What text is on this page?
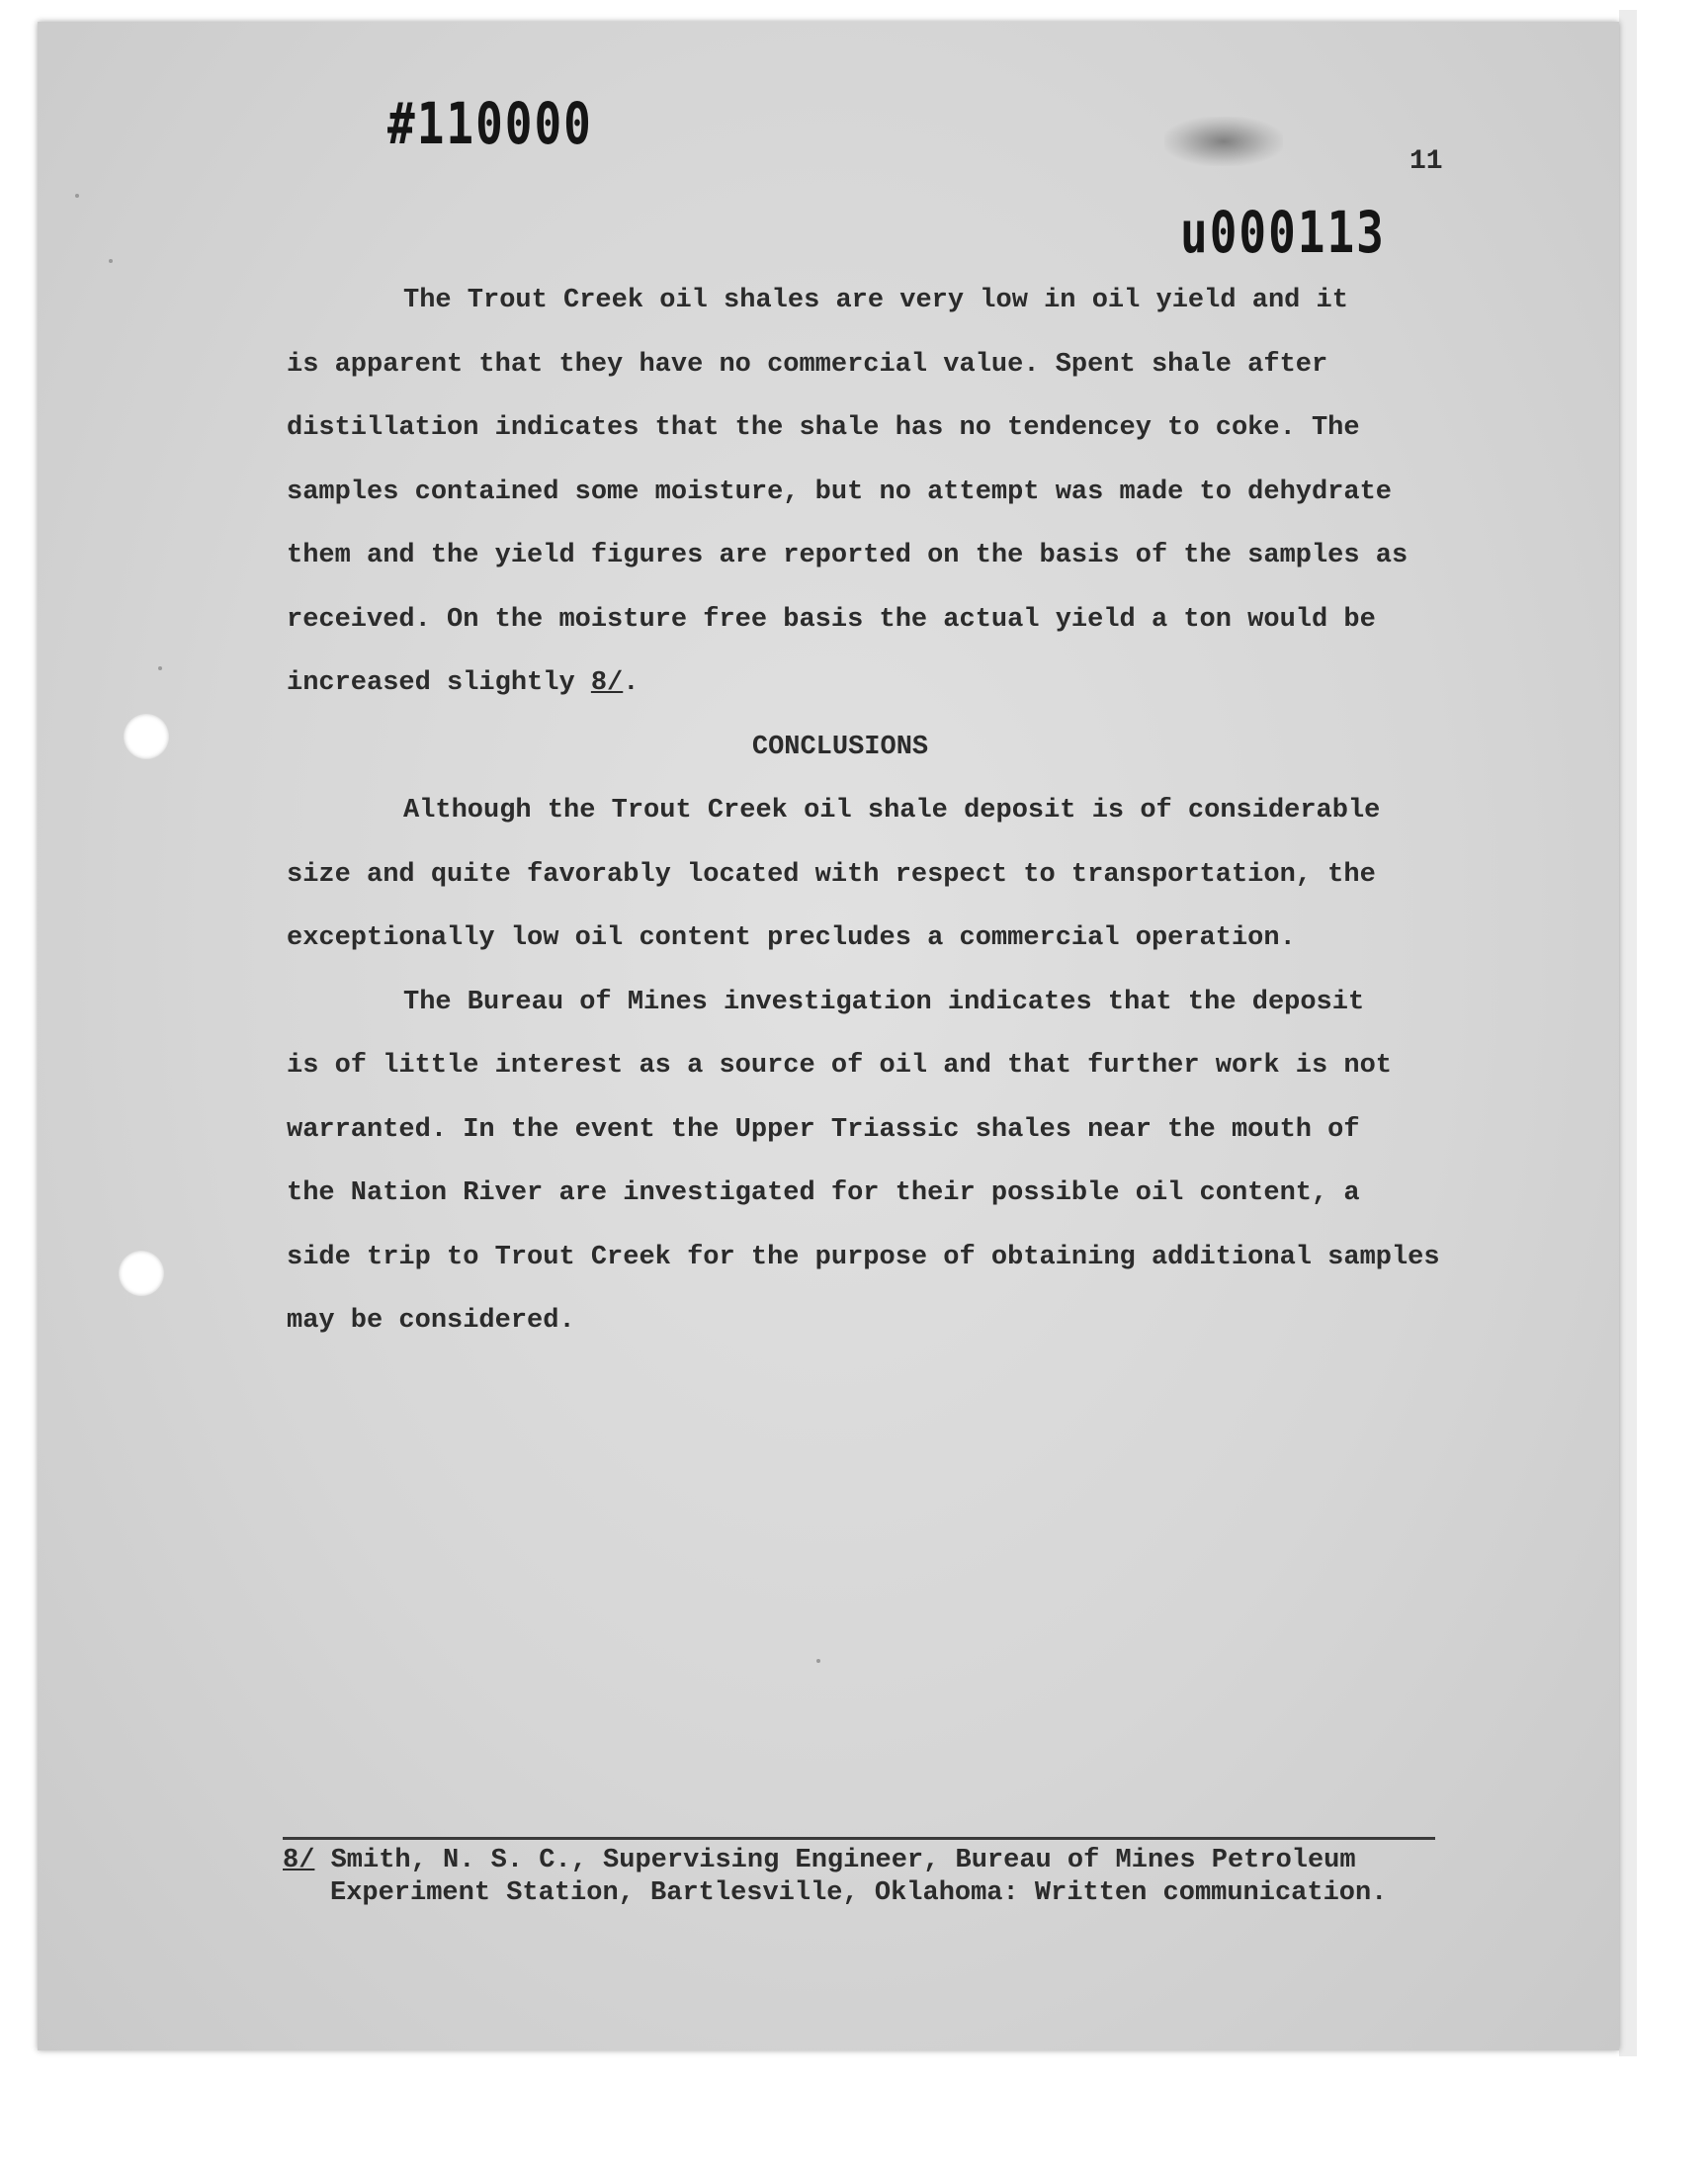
#110000
u000113
11

The Trout Creek oil shales are very low in oil yield and it
is apparent that they have no commercial value. Spent shale after
distillation indicates that the shale has no tendencey to coke. The
samples contained some moisture, but no attempt was made to dehydrate
them and the yield figures are reported on the basis of the samples as
received. On the moisture free basis the actual yield a ton would be
increased slightly 8/.

CONCLUSIONS

Although the Trout Creek oil shale deposit is of considerable
size and quite favorably located with respect to transportation, the
exceptionally low oil content precludes a commercial operation.

The Bureau of Mines investigation indicates that the deposit
is of little interest as a source of oil and that further work is not
warranted. In the event the Upper Triassic shales near the mouth of
the Nation River are investigated for their possible oil content, a
side trip to Trout Creek for the purpose of obtaining additional samples
may be considered.

8/ Smith, N. S. C., Supervising Engineer, Bureau of Mines Petroleum
Experiment Station, Bartlesville, Oklahoma: Written communication.
